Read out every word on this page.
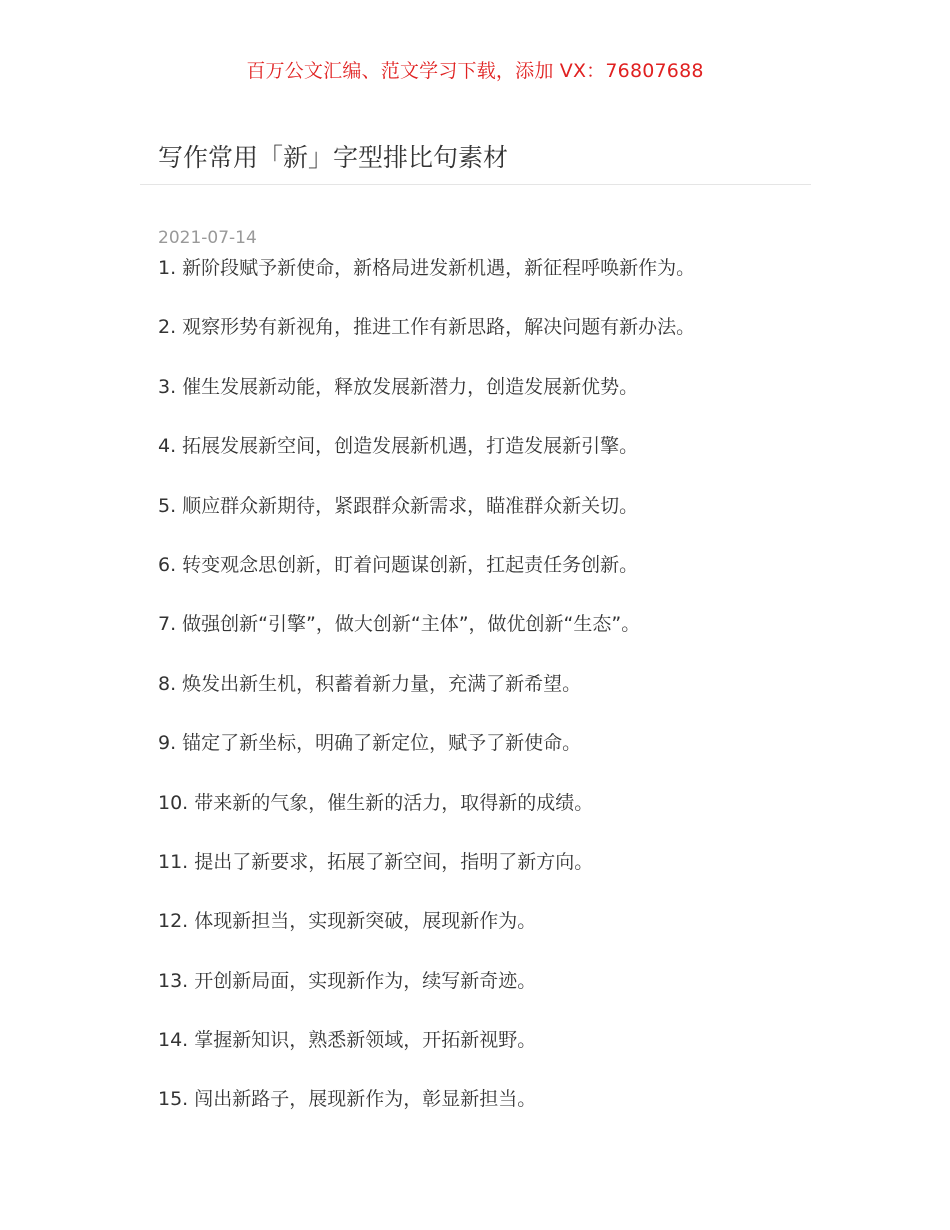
百万公文汇编、范文学习下载，添加 VX：76807688
写作常用「新」字型排比句素材
2021-07-14
1. 新阶段赋予新使命，新格局进发新机遇，新征程呼唤新作为。
2. 观察形势有新视角，推进工作有新思路，解决问题有新办法。
3. 催生发展新动能，释放发展新潜力，创造发展新优势。
4. 拓展发展新空间，创造发展新机遇，打造发展新引擎。
5. 顺应群众新期待，紧跟群众新需求，瞄准群众新关切。
6. 转变观念思创新，盯着问题谋创新，扛起责任务创新。
7. 做强创新“引擎”，做大创新“主体”，做优创新“生态”。
8. 焕发出新生机，积蓄着新力量，充满了新希望。
9. 锚定了新坐标，明确了新定位，赋予了新使命。
10. 带来新的气象，催生新的活力，取得新的成绩。
11. 提出了新要求，拓展了新空间，指明了新方向。
12. 体现新担当，实现新突破，展现新作为。
13. 开创新局面，实现新作为，续写新奇迹。
14. 掌握新知识，熟悉新领域，开拓新视野。
15. 闯出新路子，展现新作为，彰显新担当。
